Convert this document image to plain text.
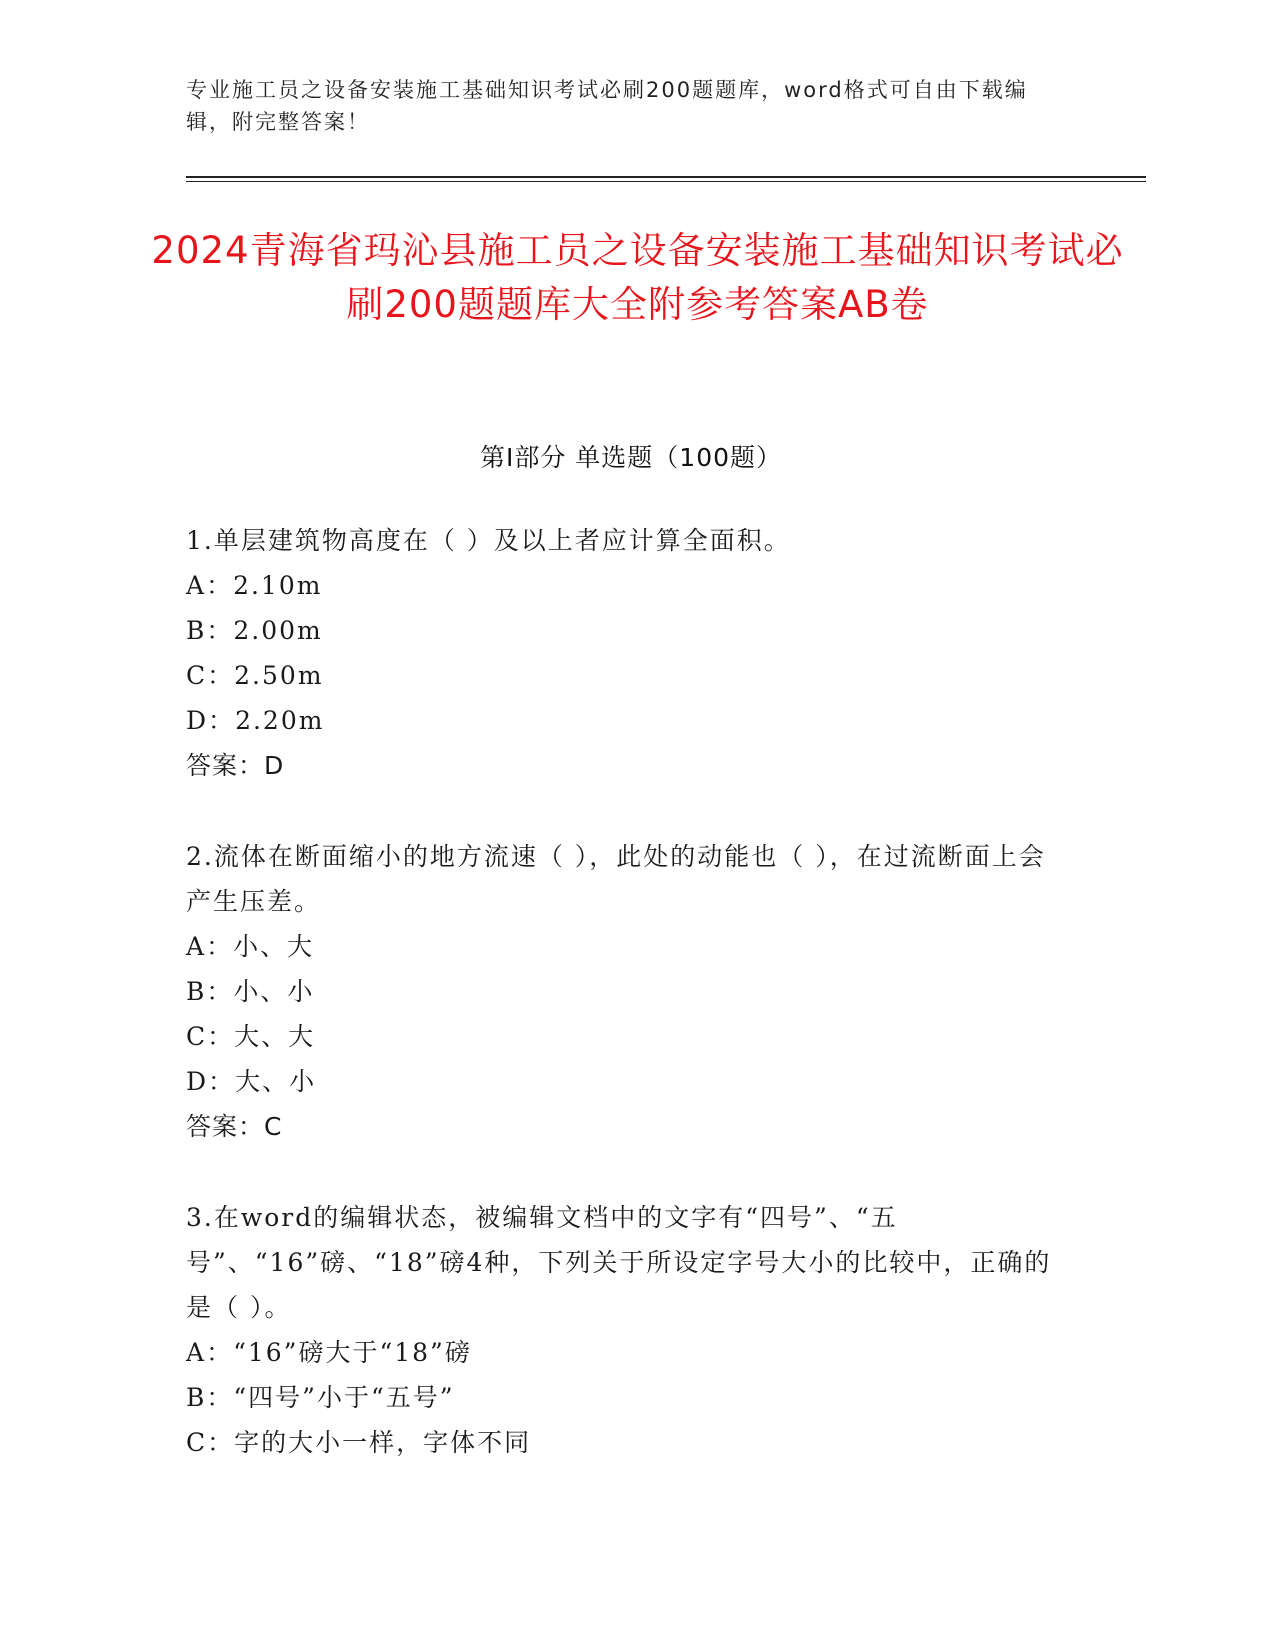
专业施工员之设备安装施工基础知识考试必刷200题题库，word格式可自由下载编辑，附完整答案！
2024青海省玛沁县施工员之设备安装施工基础知识考试必刷200题题库大全附参考答案AB卷
第I部分 单选题（100题）
1.单层建筑物高度在（ ）及以上者应计算全面积。
A：2.10m
B：2.00m
C：2.50m
D：2.20m
答案：D
2.流体在断面缩小的地方流速（ ），此处的动能也（ ），在过流断面上会产生压差。
A：小、大
B：小、小
C：大、大
D：大、小
答案：C
3.在word的编辑状态，被编辑文档中的文字有“四号”、“五号”、“16”磅、“18”磅4种，下列关于所设定字号大小的比较中，正确的是（ ）。
A：“16”磅大于“18”磅
B：“四号”小于“五号”
C：字的大小一样，字体不同
